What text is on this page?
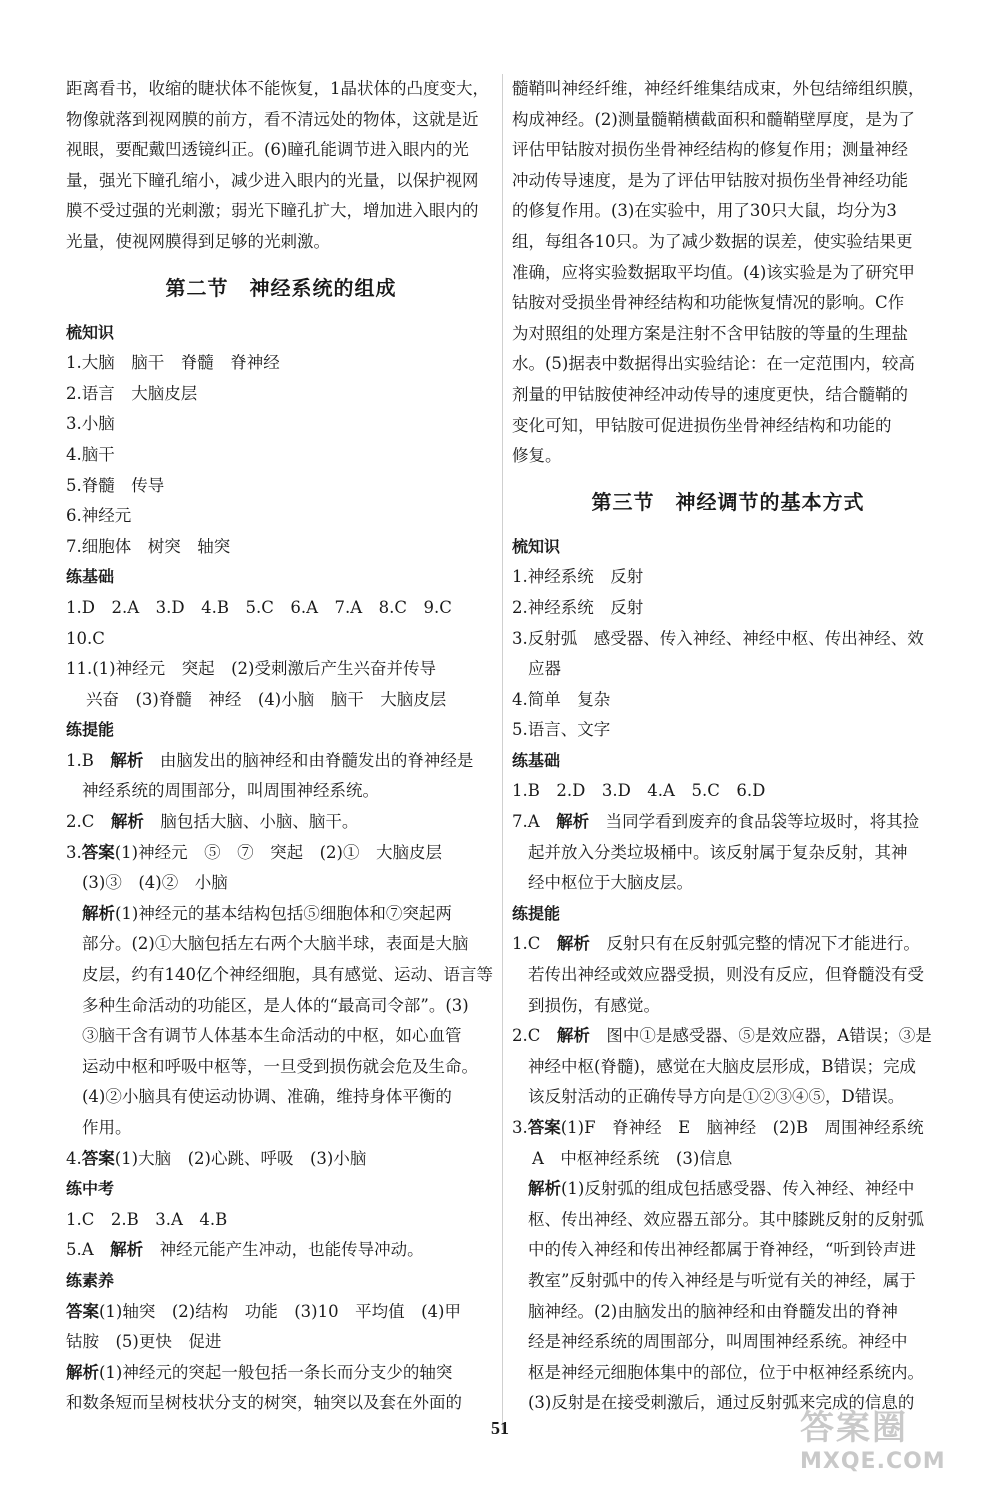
距离看书，收缩的睫状体不能恢复，1晶状体的凸度变大，
物像就落到视网膜的前方，看不清远处的物体，这就是近
视眼，要配戴凹透镜纠正。(6)瞳孔能调节进入眼内的光
量，强光下瞳孔缩小，减少进入眼内的光量，以保护视网
膜不受过强的光刺激；弱光下瞳孔扩大，增加进入眼内的
光量，使视网膜得到足够的光刺激。
第二节　神经系统的组成
梳知识
1.大脑　脑干　脊髓　脊神经
2.语言　大脑皮层
3.小脑
4.脑干
5.脊髓　传导
6.神经元
7.细胞体　树突　轴突
练基础
1.D　2.A　3.D　4.B　5.C　6.A　7.A　8.C　9.C
10.C
11.(1)神经元　突起　(2)受刺激后产生兴奋并传导
兴奋　(3)脊髓　神经　(4)小脑　脑干　大脑皮层
练提能
1.B　解析　由脑发出的脑神经和由脊髓发出的脊神经是
神经系统的周围部分，叫周围神经系统。
2.C　解析　脑包括大脑、小脑、脑干。
3.答案(1)神经元　⑤　⑦　突起　(2)①　大脑皮层
(3)③　(4)②　小脑
解析(1)神经元的基本结构包括⑤细胞体和⑦突起两
部分。(2)①大脑包括左右两个大脑半球，表面是大脑
皮层，约有140亿个神经细胞，具有感觉、运动、语言等
多种生命活动的功能区，是人体的“最高司令部”。(3)
③脑干含有调节人体基本生命活动的中枢，如心血管
运动中枢和呼吸中枢等，一旦受到损伤就会危及生命。
(4)②小脑具有使运动协调、准确，维持身体平衡的
作用。
4.答案(1)大脑　(2)心跳、呼吸　(3)小脑
练中考
1.C　2.B　3.A　4.B
5.A　解析　神经元能产生冲动，也能传导冲动。
练素养
答案(1)轴突　(2)结构　功能　(3)10　平均值　(4)甲
钴胺　(5)更快　促进
解析(1)神经元的突起一般包括一条长而分支少的轴突
和数条短而呈树枝状分支的树突，轴突以及套在外面的
髓鞘叫神经纤维，神经纤维集结成束，外包结缔组织膜，
构成神经。(2)测量髓鞘横截面积和髓鞘壁厚度，是为了
评估甲钴胺对损伤坐骨神经结构的修复作用；测量神经
冲动传导速度，是为了评估甲钴胺对损伤坐骨神经功能
的修复作用。(3)在实验中，用了30只大鼠，均分为3
组，每组各10只。为了减少数据的误差，使实验结果更
准确，应将实验数据取平均值。(4)该实验是为了研究甲
钴胺对受损坐骨神经结构和功能恢复情况的影响。C作
为对照组的处理方案是注射不含甲钴胺的等量的生理盐
水。(5)据表中数据得出实验结论：在一定范围内，较高
剂量的甲钴胺使神经冲动传导的速度更快，结合髓鞘的
变化可知，甲钴胺可促进损伤坐骨神经结构和功能的
修复。
第三节　神经调节的基本方式
梳知识
1.神经系统　反射
2.神经系统　反射
3.反射弧　感受器、传入神经、神经中枢、传出神经、效
应器
4.简单　复杂
5.语言、文字
练基础
1.B　2.D　3.D　4.A　5.C　6.D
7.A　解析　当同学看到废弃的食品袋等垃圾时，将其捡
起并放入分类垃圾桶中。该反射属于复杂反射，其神
经中枢位于大脑皮层。
练提能
1.C　解析　反射只有在反射弧完整的情况下才能进行。
若传出神经或效应器受损，则没有反应，但脊髓没有受
到损伤，有感觉。
2.C　解析　图中①是感受器、⑤是效应器，A错误；③是
神经中枢(脊髓)，感觉在大脑皮层形成，B错误；完成
该反射活动的正确传导方向是①②③④⑤，D错误。
3.答案(1)F　脊神经　E　脑神经　(2)B　周围神经系统
A　中枢神经系统　(3)信息
解析(1)反射弧的组成包括感受器、传入神经、神经中
枢、传出神经、效应器五部分。其中膝跳反射的反射弧
中的传入神经和传出神经都属于脊神经，“听到铃声进
教室”反射弧中的传入神经是与听觉有关的神经，属于
脑神经。(2)由脑发出的脑神经和由脊髓发出的脊神
经是神经系统的周围部分，叫周围神经系统。神经中
枢是神经元细胞体集中的部位，位于中枢神经系统内。
(3)反射是在接受刺激后，通过反射弧来完成的信息的
51	答案圈
MXQE.COM
